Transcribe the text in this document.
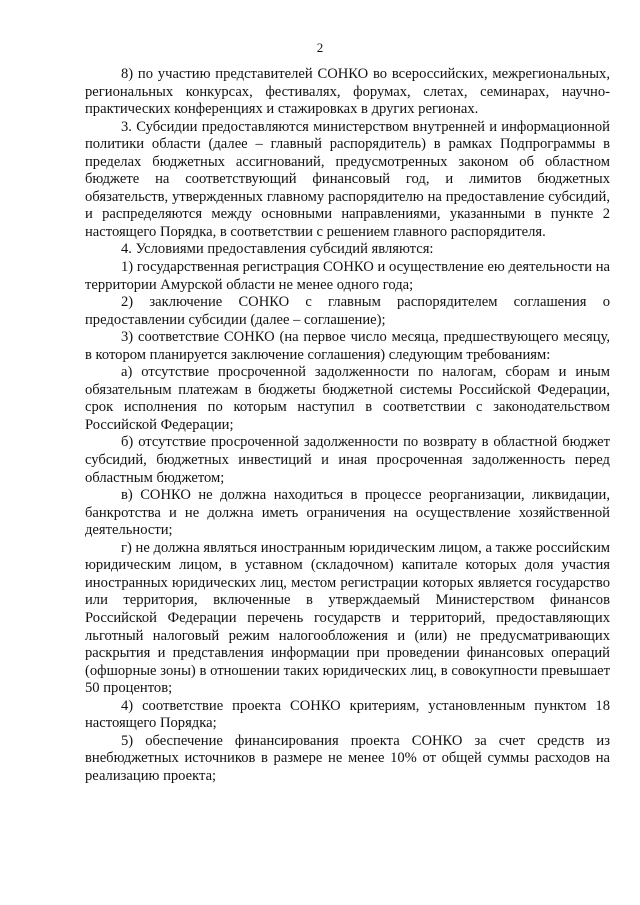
2

8) по участию представителей СОНКО во всероссийских, межрегиональных, региональных конкурсах, фестивалях, форумах, слетах, семинарах, научно-практических конференциях и стажировках в других регионах.

3. Субсидии предоставляются министерством внутренней и информационной политики области (далее – главный распорядитель) в рамках Подпрограммы в пределах бюджетных ассигнований, предусмотренных законом об областном бюджете на соответствующий финансовый год, и лимитов бюджетных обязательств, утвержденных главному распорядителю на предоставление субсидий, и распределяются между основными направлениями, указанными в пункте 2 настоящего Порядка, в соответствии с решением главного распорядителя.

4. Условиями предоставления субсидий являются:

1) государственная регистрация СОНКО и осуществление ею деятельности на территории Амурской области не менее одного года;

2) заключение СОНКО с главным распорядителем соглашения о предоставлении субсидии (далее – соглашение);

3) соответствие СОНКО (на первое число месяца, предшествующего месяцу, в котором планируется заключение соглашения) следующим требованиям:

а) отсутствие просроченной задолженности по налогам, сборам и иным обязательным платежам в бюджеты бюджетной системы Российской Федерации, срок исполнения по которым наступил в соответствии с законодательством Российской Федерации;

б) отсутствие просроченной задолженности по возврату в областной бюджет субсидий, бюджетных инвестиций и иная просроченная задолженность перед областным бюджетом;

в) СОНКО не должна находиться в процессе реорганизации, ликвидации, банкротства и не должна иметь ограничения на осуществление хозяйственной деятельности;

г) не должна являться иностранным юридическим лицом, а также российским юридическим лицом, в уставном (складочном) капитале которых доля участия иностранных юридических лиц, местом регистрации которых является государство или территория, включенные в утверждаемый Министерством финансов Российской Федерации перечень государств и территорий, предоставляющих льготный налоговый режим налогообложения и (или) не предусматривающих раскрытия и представления информации при проведении финансовых операций (офшорные зоны) в отношении таких юридических лиц, в совокупности превышает 50 процентов;

4) соответствие проекта СОНКО критериям, установленным пунктом 18 настоящего Порядка;

5) обеспечение финансирования проекта СОНКО за счет средств из внебюджетных источников в размере не менее 10% от общей суммы расходов на реализацию проекта;
